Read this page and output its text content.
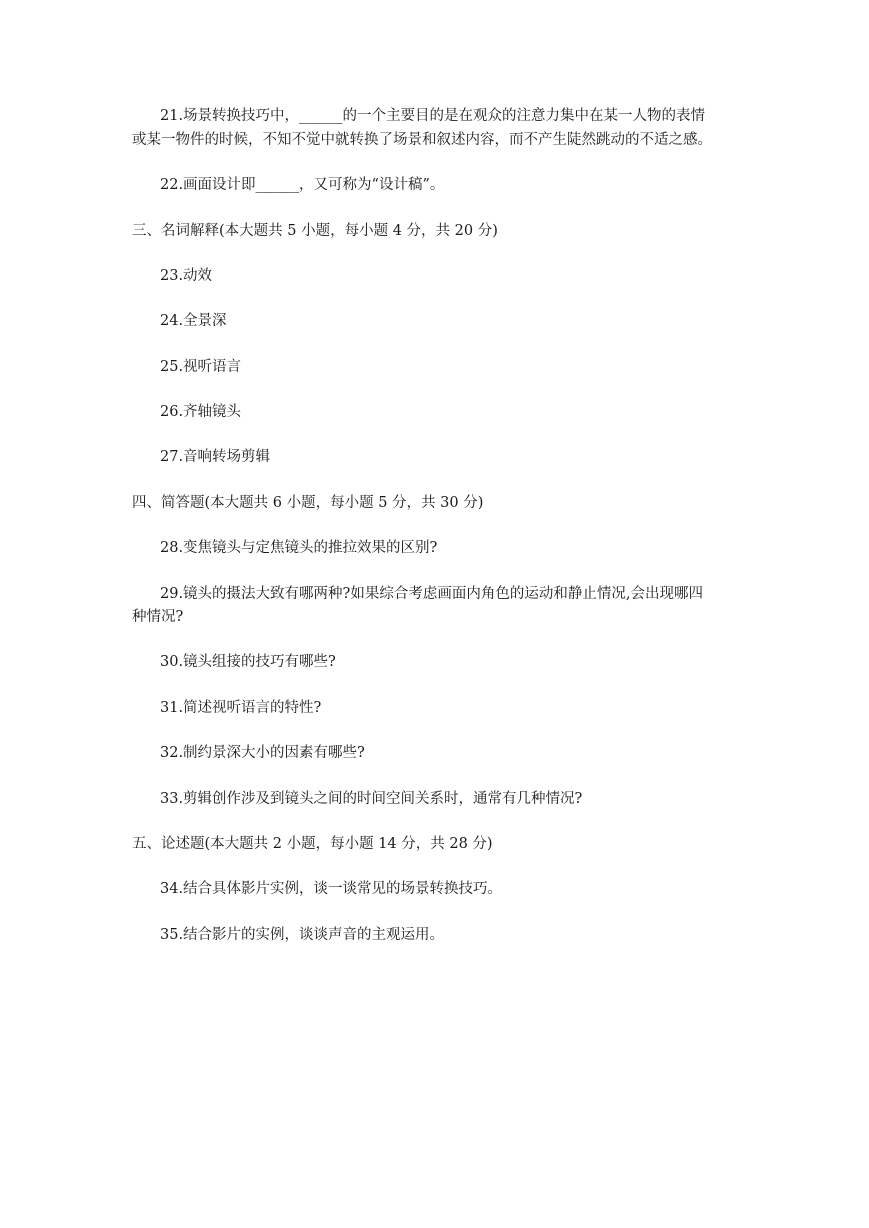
21.场景转换技巧中，______的一个主要目的是在观众的注意力集中在某一人物的表情
或某一物件的时候，不知不觉中就转换了场景和叙述内容，而不产生陡然跳动的不适之感。
22.画面设计即______，又可称为“设计稿”。
三、名词解释(本大题共 5 小题，每小题 4 分，共 20 分)
23.动效
24.全景深
25.视听语言
26.齐轴镜头
27.音响转场剪辑
四、简答题(本大题共 6 小题，每小题 5 分，共 30 分)
28.变焦镜头与定焦镜头的推拉效果的区别?
29.镜头的摄法大致有哪两种?如果综合考虑画面内角色的运动和静止情况,会出现哪四
种情况?
30.镜头组接的技巧有哪些?
31.简述视听语言的特性?
32.制约景深大小的因素有哪些?
33.剪辑创作涉及到镜头之间的时间空间关系时，通常有几种情况?
五、论述题(本大题共 2 小题，每小题 14 分，共 28 分)
34.结合具体影片实例，谈一谈常见的场景转换技巧。
35.结合影片的实例，谈谈声音的主观运用。
